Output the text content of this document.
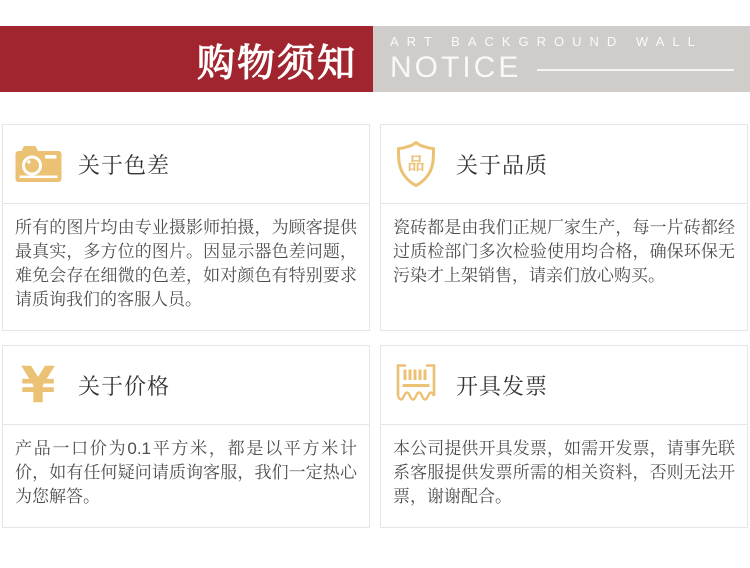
购物须知
ART BACKGROUND WALL
NOTICE
关于色差
所有的图片均由专业摄影师拍摄，为顾客提供最真实，多方位的图片。因显示器色差问题，难免会存在细微的色差，如对颜色有特别要求请质询我们的客服人员。
品 关于品质
瓷砖都是由我们正规厂家生产，每一片砖都经过质检部门多次检验使用均合格，确保环保无污染才上架销售，请亲们放心购买。
¥ 关于价格
产品一口价为0.1平方米，都是以平方米计价，如有任何疑问请质询客服，我们一定热心为您解答。
开具发票
本公司提供开具发票，如需开发票，请事先联系客服提供发票所需的相关资料，否则无法开票，谢谢配合。
